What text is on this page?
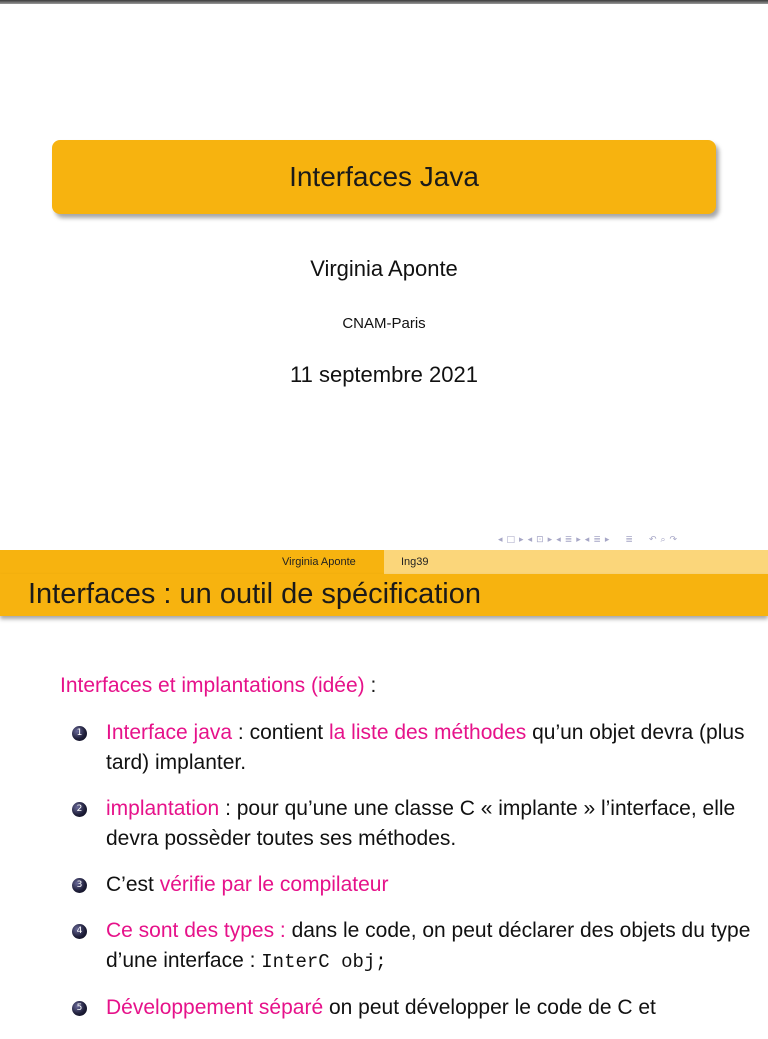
Interfaces Java
Virginia Aponte
CNAM-Paris
11 septembre 2021
◂ □ ▸ ◂ ⊡ ▸ ◂ ≣ ▸ ◂ ≣ ▸ ≣ ↶ ⌕ ↷
Virginia Aponte	Ing39
Interfaces : un outil de spécification
Interfaces et implantations (idée) :
1 Interface java : contient la liste des méthodes qu’un objet devra (plus tard) implanter.
2 implantation : pour qu’une une classe C « implante » l’interface, elle devra possèder toutes ses méthodes.
3 C’est vérifie par le compilateur
4 Ce sont des types : dans le code, on peut déclarer des objets du type d’une interface : InterC obj;
5 Développement séparé on peut développer le code de C et
